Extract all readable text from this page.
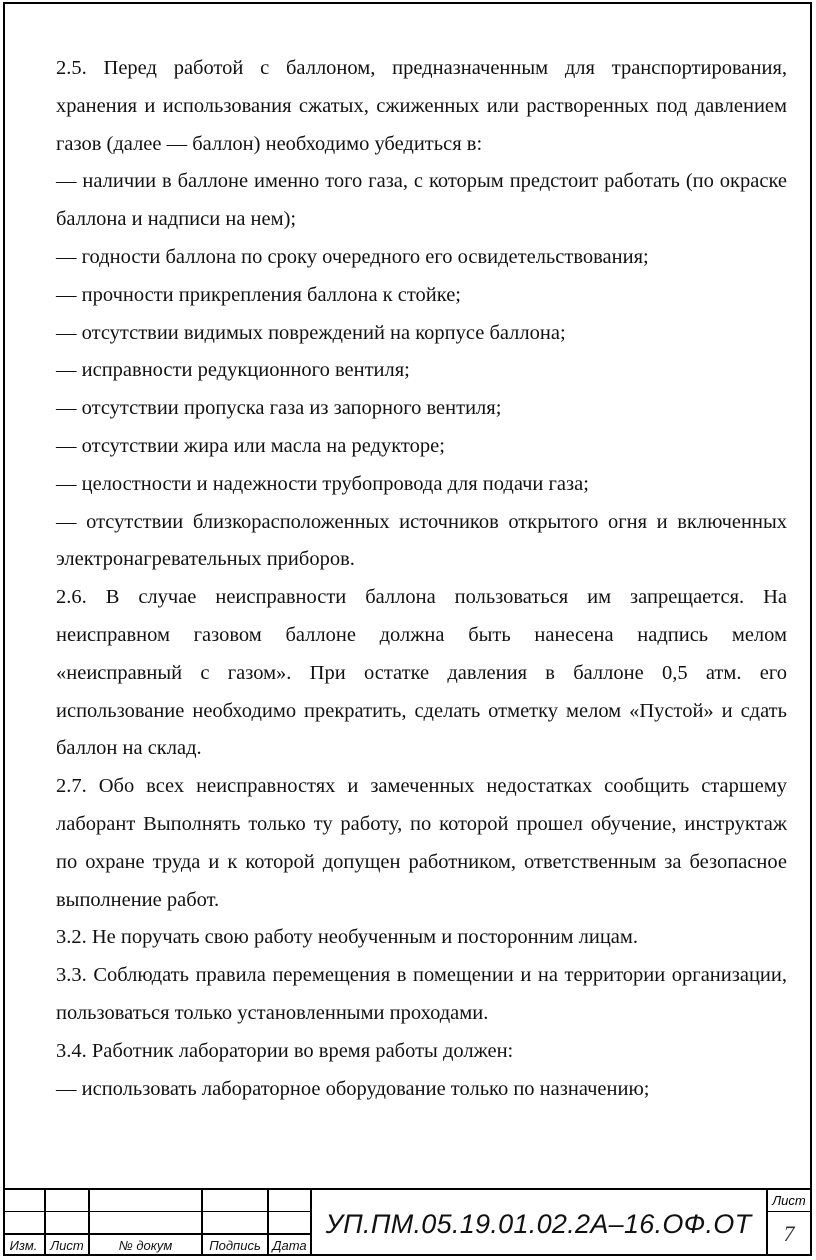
2.5. Перед работой с баллоном, предназначенным для транспортирования, хранения и использования сжатых, сжиженных или растворенных под давлением газов (далее — баллон) необходимо убедиться в:

— наличии в баллоне именно того газа, с которым предстоит работать (по окраске баллона и надписи на нем);

— годности баллона по сроку очередного его освидетельствования;

— прочности прикрепления баллона к стойке;

— отсутствии видимых повреждений на корпусе баллона;

— исправности редукционного вентиля;

— отсутствии пропуска газа из запорного вентиля;

— отсутствии жира или масла на редукторе;

— целостности и надежности трубопровода для подачи газа;

— отсутствии близкорасположенных источников открытого огня и включенных электронагревательных приборов.

2.6. В случае неисправности баллона пользоваться им запрещается. На неисправном газовом баллоне должна быть нанесена надпись мелом «неисправный с газом». При остатке давления в баллоне 0,5 атм. его использование необходимо прекратить, сделать отметку мелом «Пустой» и сдать баллон на склад.

2.7. Обо всех неисправностях и замеченных недостатках сообщить старшему лаборант Выполнять только ту работу, по которой прошел обучение, инструктаж по охране труда и к которой допущен работником, ответственным за безопасное выполнение работ.

3.2. Не поручать свою работу необученным и посторонним лицам.

3.3. Соблюдать правила перемещения в помещении и на территории организации, пользоваться только установленными проходами.

3.4. Работник лаборатории во время работы должен:

— использовать лабораторное оборудование только по назначению;

Изм. Лист	№ докум	Подпись Дата
УП.ПМ.05.19.01.02.2А–16.ОФ.ОТ
Лист
7
